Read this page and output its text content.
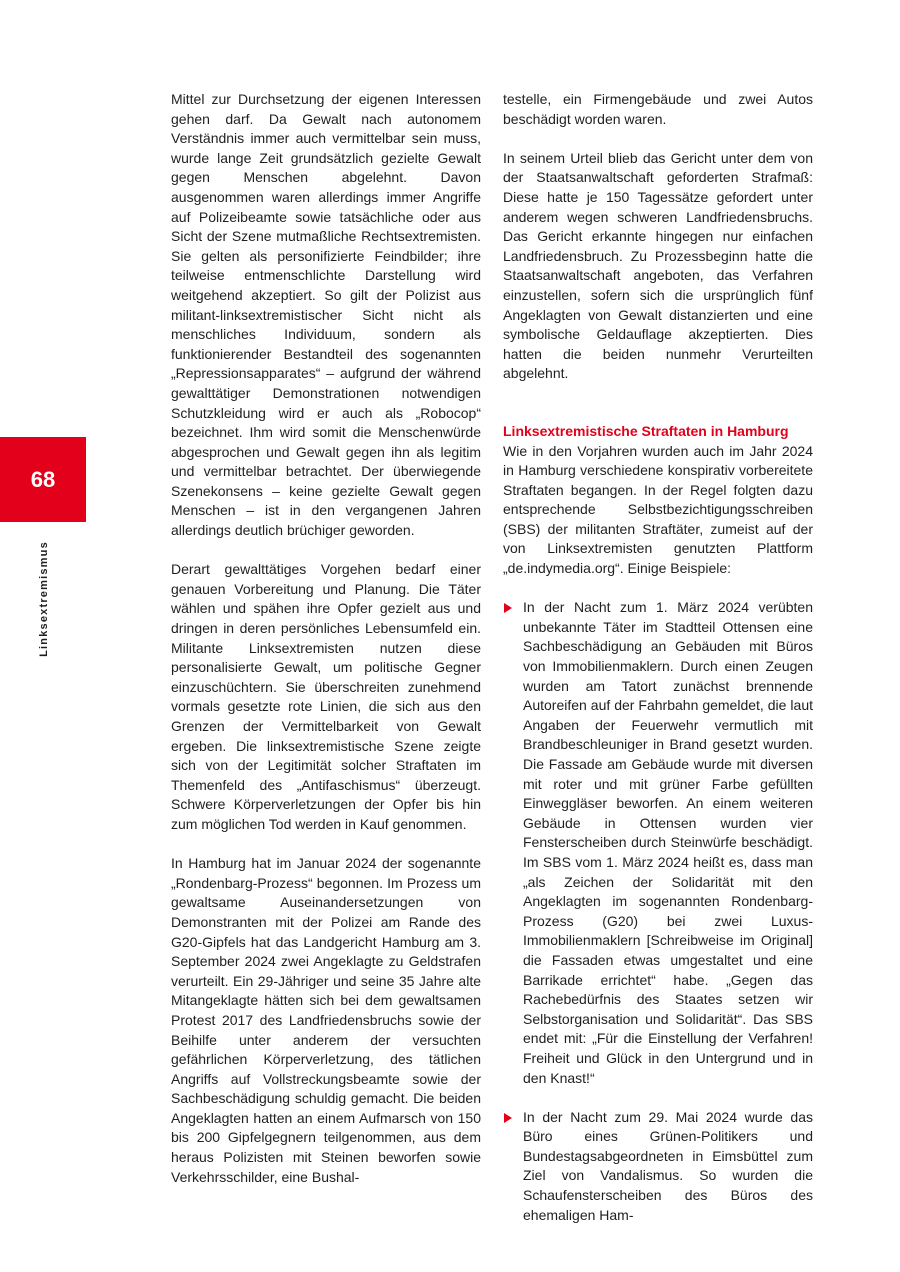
68
Linksextremismus

Mittel zur Durchsetzung der eigenen Interessen gehen darf. Da Gewalt nach autonomem Verständnis immer auch vermittelbar sein muss, wurde lange Zeit grundsätzlich gezielte Gewalt gegen Menschen abgelehnt. Davon ausgenommen waren allerdings immer Angriffe auf Polizeibeamte sowie tatsächliche oder aus Sicht der Szene mutmaßliche Rechtsextremisten. Sie gelten als personifizierte Feindbilder; ihre teilweise entmenschlichte Darstellung wird weitgehend akzeptiert. So gilt der Polizist aus militant-linksextremistischer Sicht nicht als menschliches Individuum, sondern als funktionierender Bestandteil des sogenannten „Repressionsapparates“ – aufgrund der während gewalttätiger Demonstrationen notwendigen Schutzkleidung wird er auch als „Robocop“ bezeichnet. Ihm wird somit die Menschenwürde abgesprochen und Gewalt gegen ihn als legitim und vermittelbar betrachtet. Der überwiegende Szenekonsens – keine gezielte Gewalt gegen Menschen – ist in den vergangenen Jahren allerdings deutlich brüchiger geworden.

Derart gewalttätiges Vorgehen bedarf einer genauen Vorbereitung und Planung. Die Täter wählen und spähen ihre Opfer gezielt aus und dringen in deren persönliches Lebensumfeld ein. Militante Linksextremisten nutzen diese personalisierte Gewalt, um politische Gegner einzuschüchtern. Sie überschreiten zunehmend vormals gesetzte rote Linien, die sich aus den Grenzen der Vermittelbarkeit von Gewalt ergeben. Die linksextremistische Szene zeigte sich von der Legitimität solcher Straftaten im Themenfeld des „Antifaschismus“ überzeugt. Schwere Körperverletzungen der Opfer bis hin zum möglichen Tod werden in Kauf genommen.

In Hamburg hat im Januar 2024 der sogenannte „Rondenbarg-Prozess“ begonnen. Im Prozess um gewaltsame Auseinandersetzungen von Demonstranten mit der Polizei am Rande des G20-Gipfels hat das Landgericht Hamburg am 3. September 2024 zwei Angeklagte zu Geldstrafen verurteilt. Ein 29-Jähriger und seine 35 Jahre alte Mitangeklagte hätten sich bei dem gewaltsamen Protest 2017 des Landfriedensbruchs sowie der Beihilfe unter anderem der versuchten gefährlichen Körperverletzung, des tätlichen Angriffs auf Vollstreckungsbeamte sowie der Sachbeschädigung schuldig gemacht. Die beiden Angeklagten hatten an einem Aufmarsch von 150 bis 200 Gipfelgegnern teilgenommen, aus dem heraus Polizisten mit Steinen beworfen sowie Verkehrsschilder, eine Bushal-

testelle, ein Firmengebäude und zwei Autos beschädigt worden waren.

In seinem Urteil blieb das Gericht unter dem von der Staatsanwaltschaft geforderten Strafmaß: Diese hatte je 150 Tagessätze gefordert unter anderem wegen schweren Landfriedensbruchs. Das Gericht erkannte hingegen nur einfachen Landfriedensbruch. Zu Prozessbeginn hatte die Staatsanwaltschaft angeboten, das Verfahren einzustellen, sofern sich die ursprünglich fünf Angeklagten von Gewalt distanzierten und eine symbolische Geldauflage akzeptierten. Dies hatten die beiden nunmehr Verurteilten abgelehnt.

Linksextremistische Straftaten in Hamburg

Wie in den Vorjahren wurden auch im Jahr 2024 in Hamburg verschiedene konspirativ vorbereitete Straftaten begangen. In der Regel folgten dazu entsprechende Selbstbezichtigungsschreiben (SBS) der militanten Straftäter, zumeist auf der von Linksextremisten genutzten Plattform „de.indymedia.org“. Einige Beispiele:

In der Nacht zum 1. März 2024 verübten unbekannte Täter im Stadtteil Ottensen eine Sachbeschädigung an Gebäuden mit Büros von Immobilienmaklern. Durch einen Zeugen wurden am Tatort zunächst brennende Autoreifen auf der Fahrbahn gemeldet, die laut Angaben der Feuerwehr vermutlich mit Brandbeschleuniger in Brand gesetzt wurden. Die Fassade am Gebäude wurde mit diversen mit roter und mit grüner Farbe gefüllten Einweggläser beworfen. An einem weiteren Gebäude in Ottensen wurden vier Fensterscheiben durch Steinwürfe beschädigt. Im SBS vom 1. März 2024 heißt es, dass man „als Zeichen der Solidarität mit den Angeklagten im sogenannten Rondenbarg-Prozess (G20) bei zwei Luxus-Immobilienmaklern [Schreibweise im Original] die Fassaden etwas umgestaltet und eine Barrikade errichtet“ habe. „Gegen das Rachebedürfnis des Staates setzen wir Selbstorganisation und Solidarität“. Das SBS endet mit: „Für die Einstellung der Verfahren! Freiheit und Glück in den Untergrund und in den Knast!“
In der Nacht zum 29. Mai 2024 wurde das Büro eines Grünen-Politikers und Bundestagsabgeordneten in Eimsbüttel zum Ziel von Vandalismus. So wurden die Schaufensterscheiben des Büros des ehemaligen Ham-
